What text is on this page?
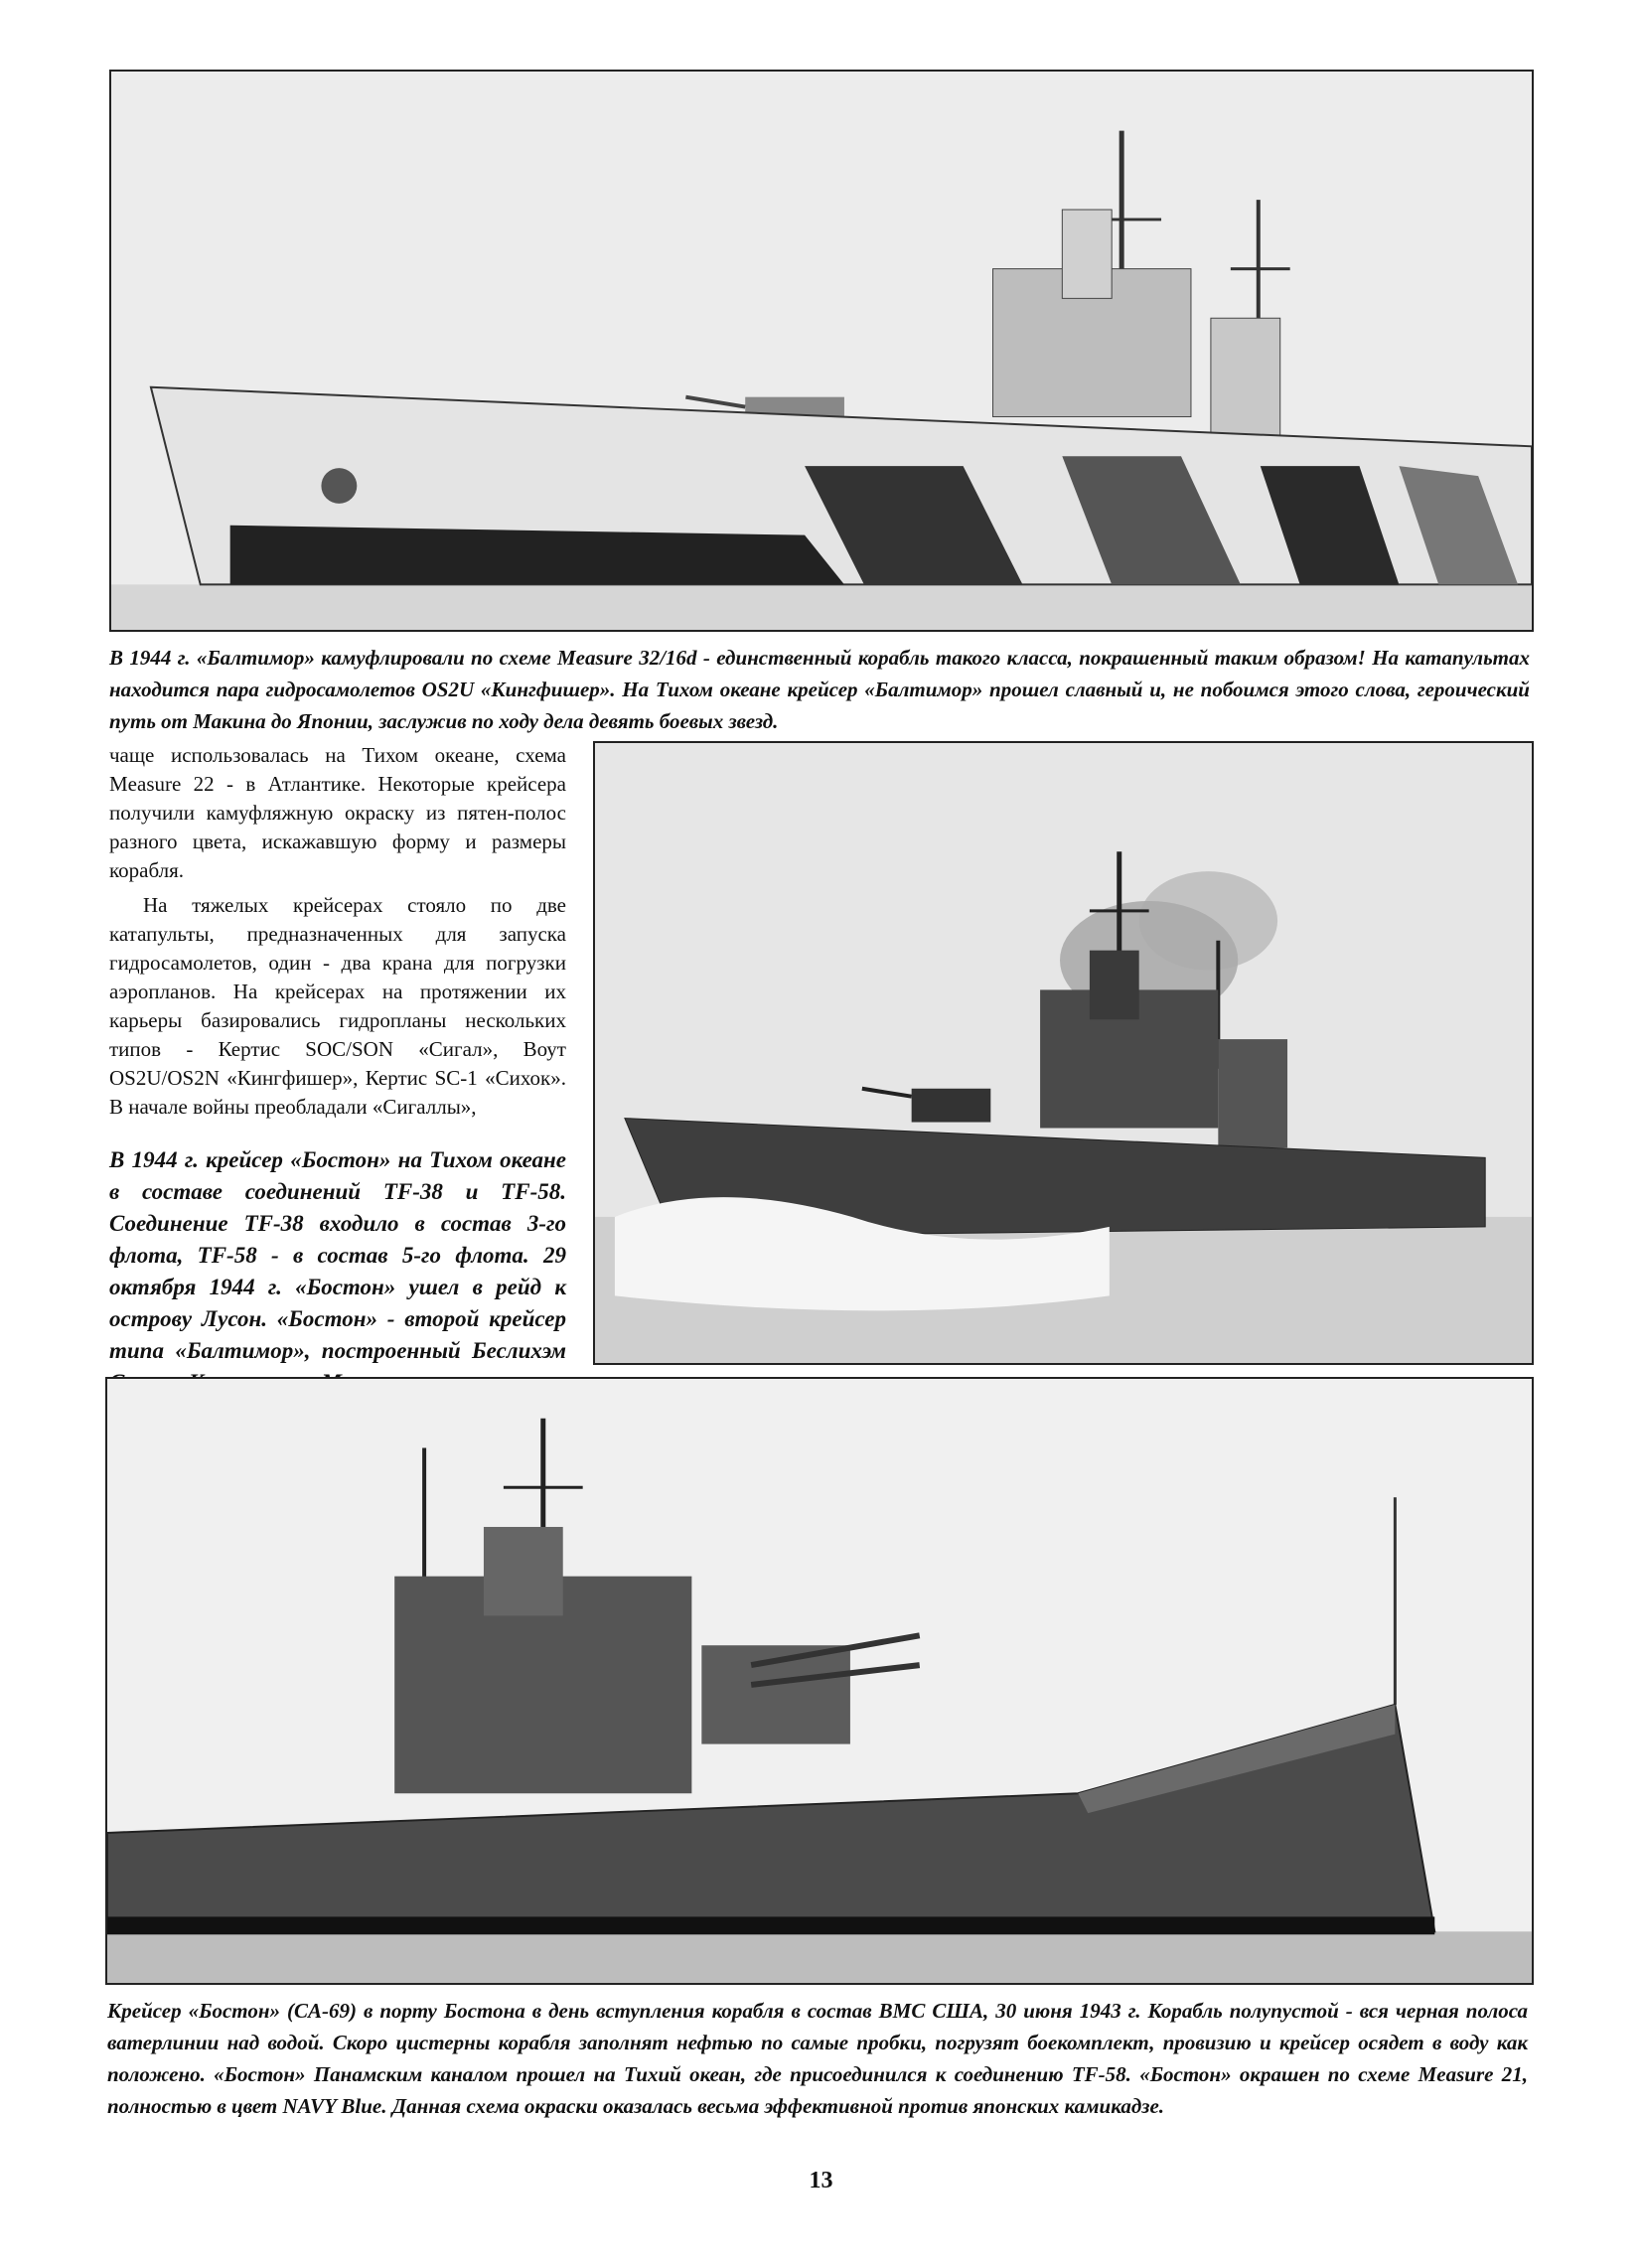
В 1944 г. «Балтимор» камуфлировали по схеме Measure 32/16d - единственный корабль такого класса, покрашенный таким образом! На катапультах находится пара гидросамолетов OS2U «Кингфишер». На Тихом океане крейсер «Балтимор» прошел славный и, не побоимся этого слова, героический путь от Макина до Японии, заслужив по ходу дела девять боевых звезд.

чаще использовалась на Тихом океане, схема Measure 22 - в Атлантике. Некоторые крейсера получили камуфляжную окраску из пятен-полос разного цвета, искажавшую форму и размеры корабля.

На тяжелых крейсерах стояло по две катапульты, предназначенных для запуска гидросамолетов, один - два крана для погрузки аэропланов. На крейсерах на протяжении их карьеры базировались гидропланы нескольких типов - Кертис SOC/SON «Сигал», Воут OS2U/OS2N «Кингфишер», Кертис SC-1 «Сихок». В начале войны преобладали «Сигаллы»,

В 1944 г. крейсер «Бостон» на Тихом океане в составе соединений TF-38 и TF-58. Соединение TF-38 входило в состав 3-го флота, TF-58 - в состав 5-го флота. 29 октября 1944 г. «Бостон» ушел в рейд к острову Лусон. «Бостон» - второй крейсер типа «Балтимор», построенный Беслихэм
Крейсер «Бостон» (CA-69) в порту Бостона в день вступления корабля в состав ВМС США, 30 июня 1943 г. Корабль полупустой - вся черная полоса ватерлинии над водой. Скоро цистерны корабля заполнят нефтью по самые пробки, погрузят боекомплект, провизию и крейсер осядет в воду как положено. «Бостон» Панамским каналом прошел на Тихий океан, где присоединился к соединению TF-58. «Бостон» окрашен по схеме Measure 21, полностью в цвет NAVY Blue. Данная схема окраски оказалась весьма эффективной против японских камикадзе.
13
